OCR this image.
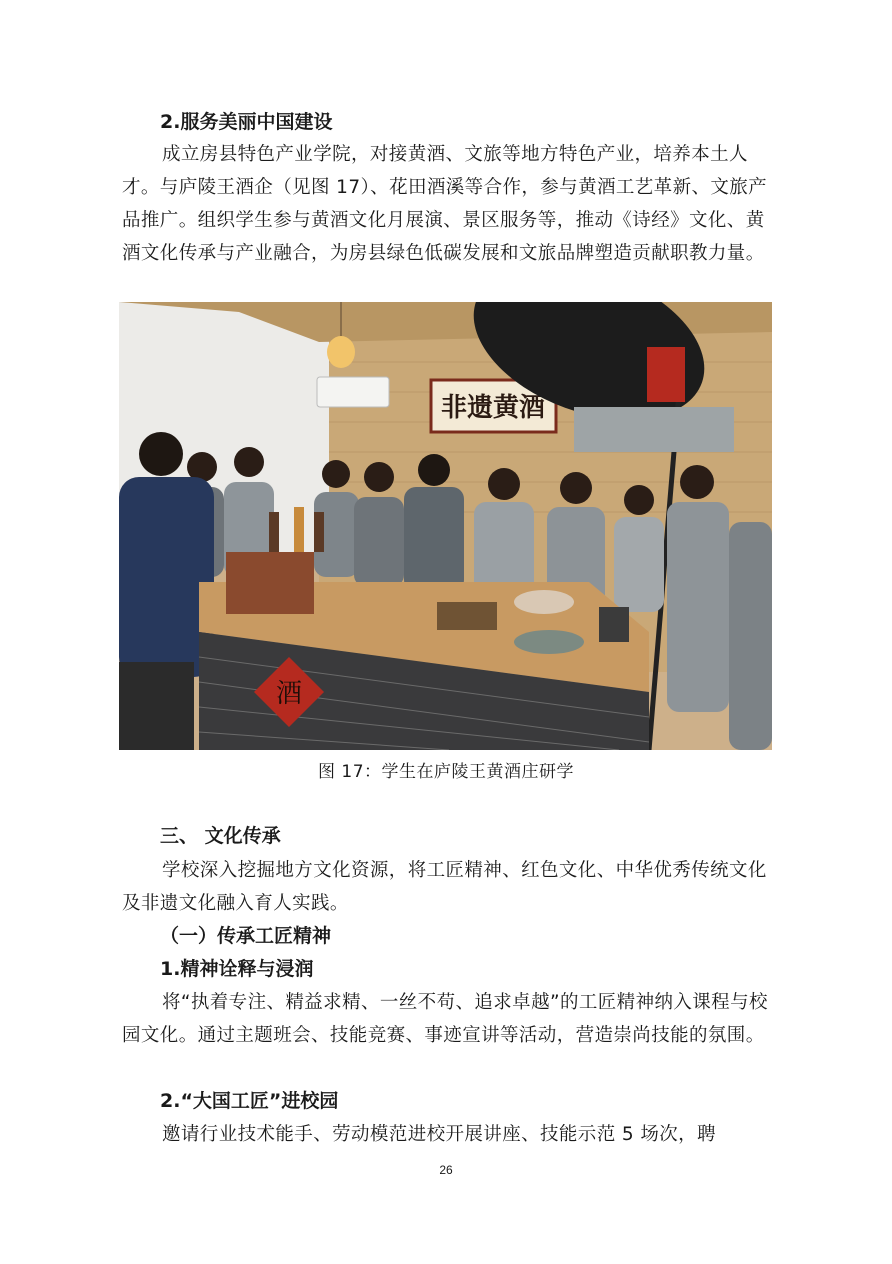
2.服务美丽中国建设
成立房县特色产业学院，对接黄酒、文旅等地方特色产业，培养本土人才。与庐陵王酒企（见图 17）、花田酒溪等合作，参与黄酒工艺革新、文旅产品推广。组织学生参与黄酒文化月展演、景区服务等，推动《诗经》文化、黄酒文化传承与产业融合，为房县绿色低碳发展和文旅品牌塑造贡献职教力量。
非遗黄酒
酒
图 17：学生在庐陵王黄酒庄研学
三、 文化传承
学校深入挖掘地方文化资源，将工匠精神、红色文化、中华优秀传统文化及非遗文化融入育人实践。
（一）传承工匠精神
1.精神诠释与浸润
将“执着专注、精益求精、一丝不苟、追求卓越”的工匠精神纳入课程与校园文化。通过主题班会、技能竞赛、事迹宣讲等活动，营造崇尚技能的氛围。
2.“大国工匠”进校园
邀请行业技术能手、劳动模范进校开展讲座、技能示范 5 场次，聘
26
